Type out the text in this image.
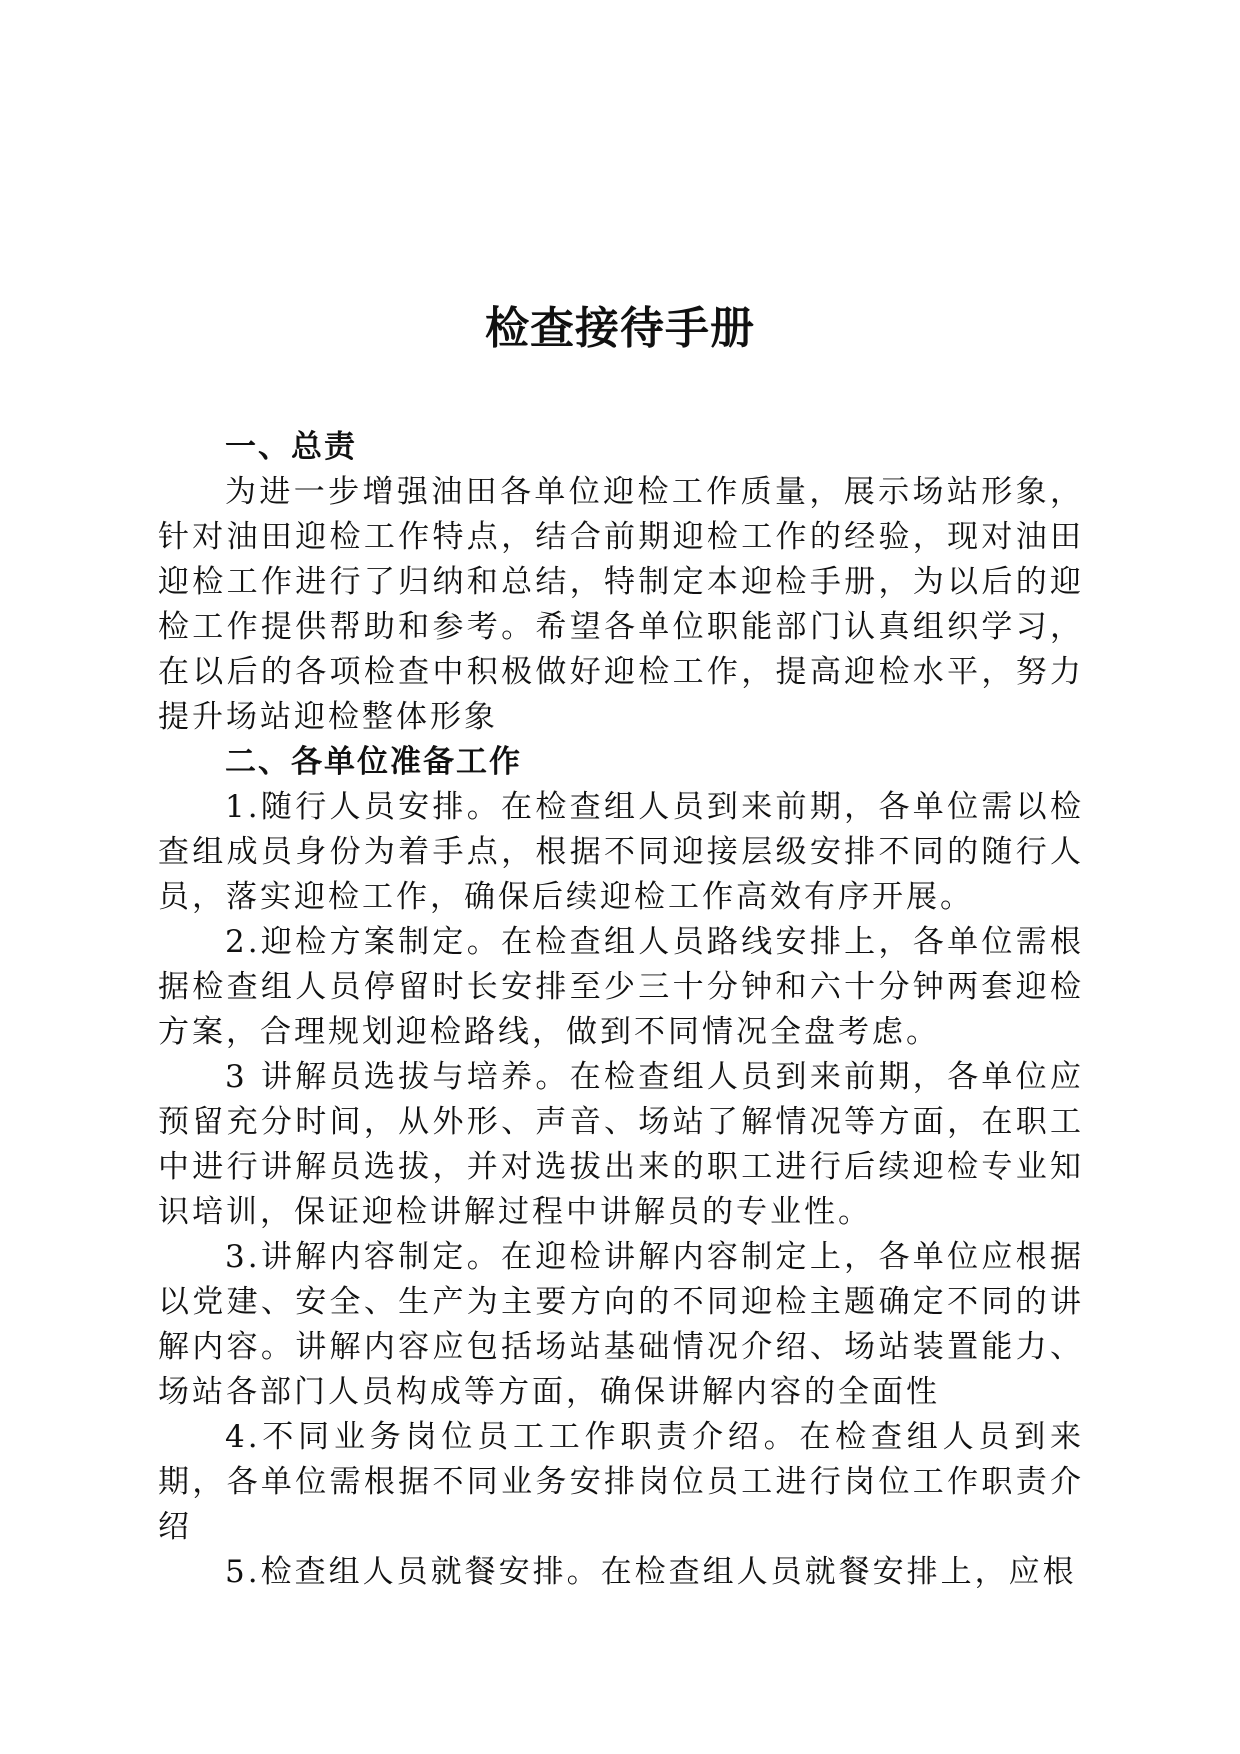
检查接待手册

一、总责

为进一步增强油田各单位迎检工作质量，展示场站形象，针对油田迎检工作特点，结合前期迎检工作的经验，现对油田迎检工作进行了归纳和总结，特制定本迎检手册，为以后的迎检工作提供帮助和参考。希望各单位职能部门认真组织学习，在以后的各项检查中积极做好迎检工作，提高迎检水平，努力提升场站迎检整体形象

二、各单位准备工作

1.随行人员安排。在检查组人员到来前期，各单位需以检查组成员身份为着手点，根据不同迎接层级安排不同的随行人员，落实迎检工作，确保后续迎检工作高效有序开展。

2.迎检方案制定。在检查组人员路线安排上，各单位需根据检查组人员停留时长安排至少三十分钟和六十分钟两套迎检方案，合理规划迎检路线，做到不同情况全盘考虑。

3 讲解员选拔与培养。在检查组人员到来前期，各单位应预留充分时间，从外形、声音、场站了解情况等方面，在职工中进行讲解员选拔，并对选拔出来的职工进行后续迎检专业知识培训，保证迎检讲解过程中讲解员的专业性。

3.讲解内容制定。在迎检讲解内容制定上，各单位应根据以党建、安全、生产为主要方向的不同迎检主题确定不同的讲解内容。讲解内容应包括场站基础情况介绍、场站装置能力、场站各部门人员构成等方面，确保讲解内容的全面性

4.不同业务岗位员工工作职责介绍。在检查组人员到来期，各单位需根据不同业务安排岗位员工进行岗位工作职责介绍

5.检查组人员就餐安排。在检查组人员就餐安排上，应根
